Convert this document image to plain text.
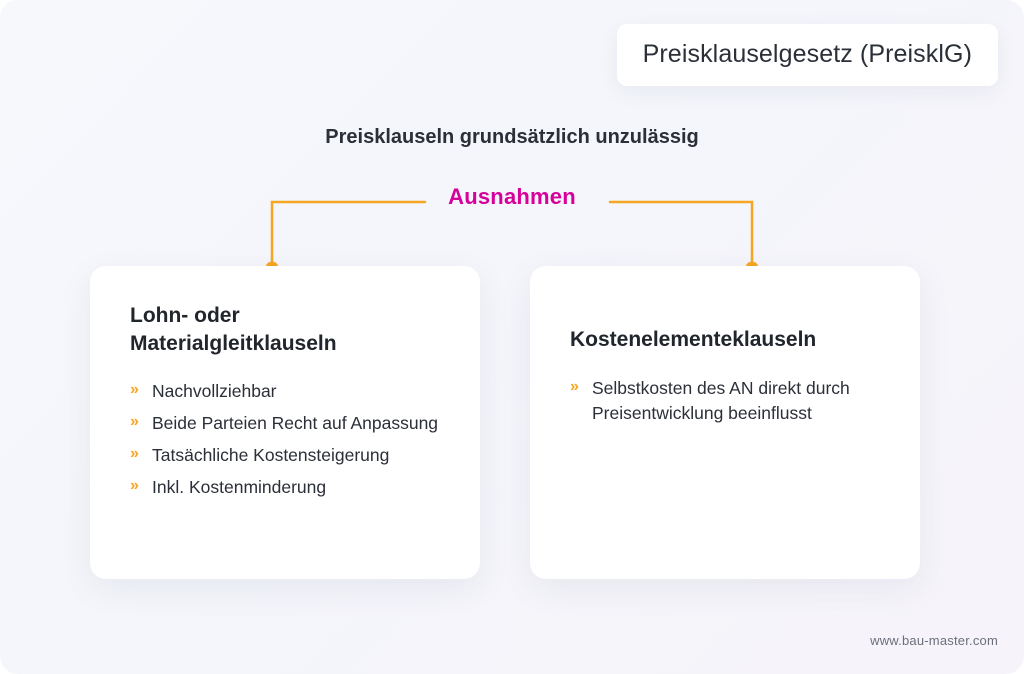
Preisklauselgesetz (PreisklG)
Preisklauseln grundsätzlich unzulässig
Ausnahmen
Lohn- oder Materialgleitklauseln
» Nachvollziehbar
» Beide Parteien Recht auf Anpassung
» Tatsächliche Kostensteigerung
» Inkl. Kostenminderung
Kostenelementeklauseln
» Selbstkosten des AN direkt durch Preisentwicklung beeinflusst
www.bau-master.com
